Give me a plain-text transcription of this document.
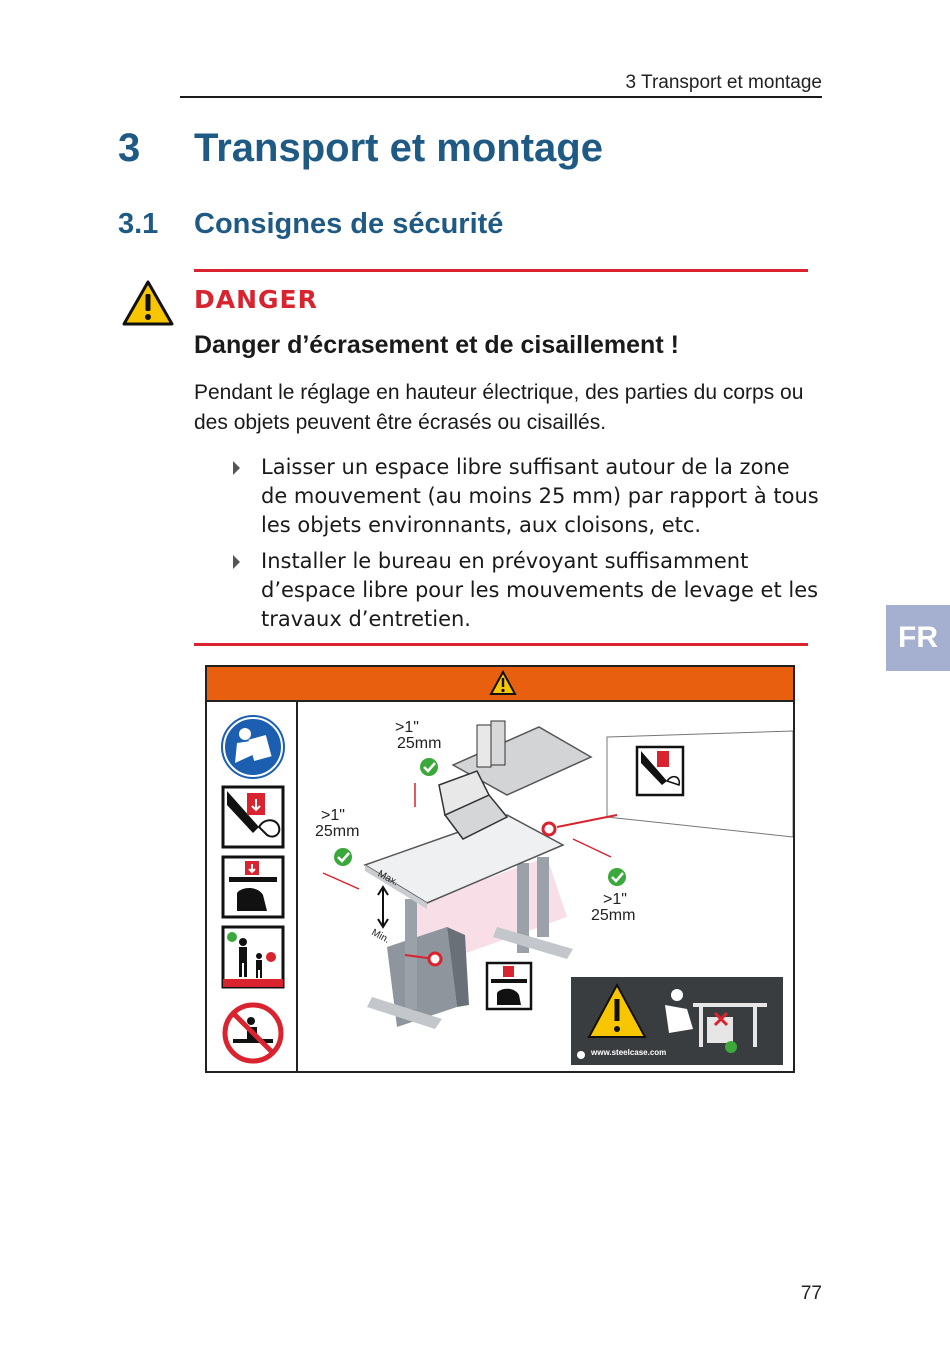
3 Transport et montage
3 Transport et montage
3.1 Consignes de sécurité
DANGER
Danger d’écrasement et de cisaillement !
Pendant le réglage en hauteur électrique, des parties du corps ou des objets peuvent être écrasés ou cisaillés.
Laisser un espace libre suffisant autour de la zone de mouvement (au moins 25 mm) par rapport à tous les objets environnants, aux cloisons, etc.
Installer le bureau en prévoyant suffisamment d’espace libre pour les mouvements de levage et les travaux d’entretien.
FR
>1"
25mm
>1"
25mm
>1"
25mm
Max.
Min.
www.steelcase.com
77
